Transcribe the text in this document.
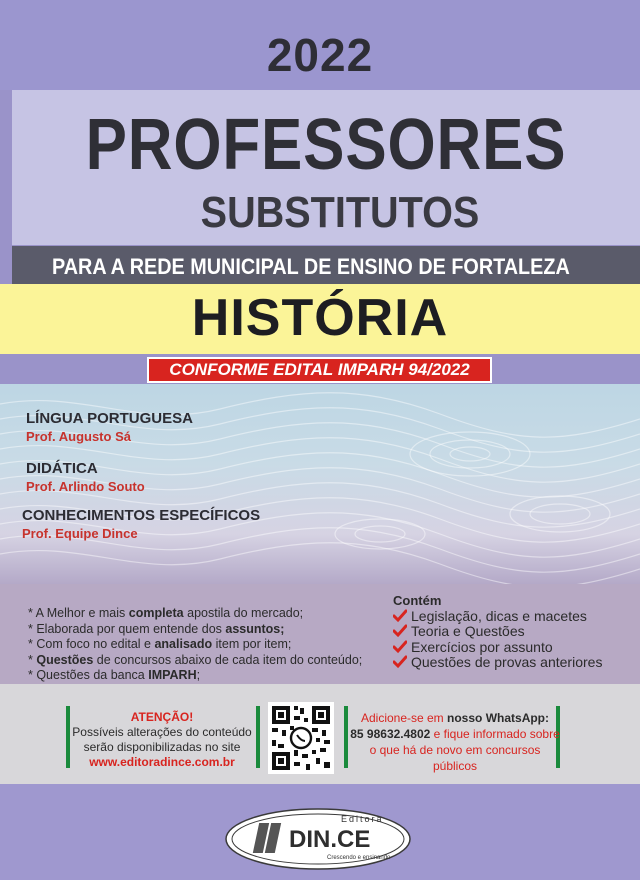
2022
PROFESSORES
SUBSTITUTOS
PARA A REDE MUNICIPAL DE ENSINO DE FORTALEZA
HISTÓRIA
CONFORME EDITAL IMPARH 94/2022
LÍNGUA PORTUGUESA
Prof. Augusto Sá
DIDÁTICA
Prof. Arlindo Souto
CONHECIMENTOS ESPECÍFICOS
Prof. Equipe Dince
* A Melhor e mais completa apostila do mercado;
* Elaborada por quem entende dos assuntos;
* Com foco no edital e analisado item por item;
* Questões de concursos abaixo de cada item do conteúdo;
* Questões da banca IMPARH;
Contém
Legislação, dicas e macetes
Teoria e Questões
Exercícios por assunto
Questões de provas anteriores
ATENÇÃO!
Possíveis alterações do conteúdo
serão disponibilizadas no site
www.editoradince.com.br
Adicione-se em nosso WhatsApp:
85 98632.4802 e fique informado sobre
o que há de novo em concursos públicos
Editora
DIN.CE
Crescendo e ensinando
